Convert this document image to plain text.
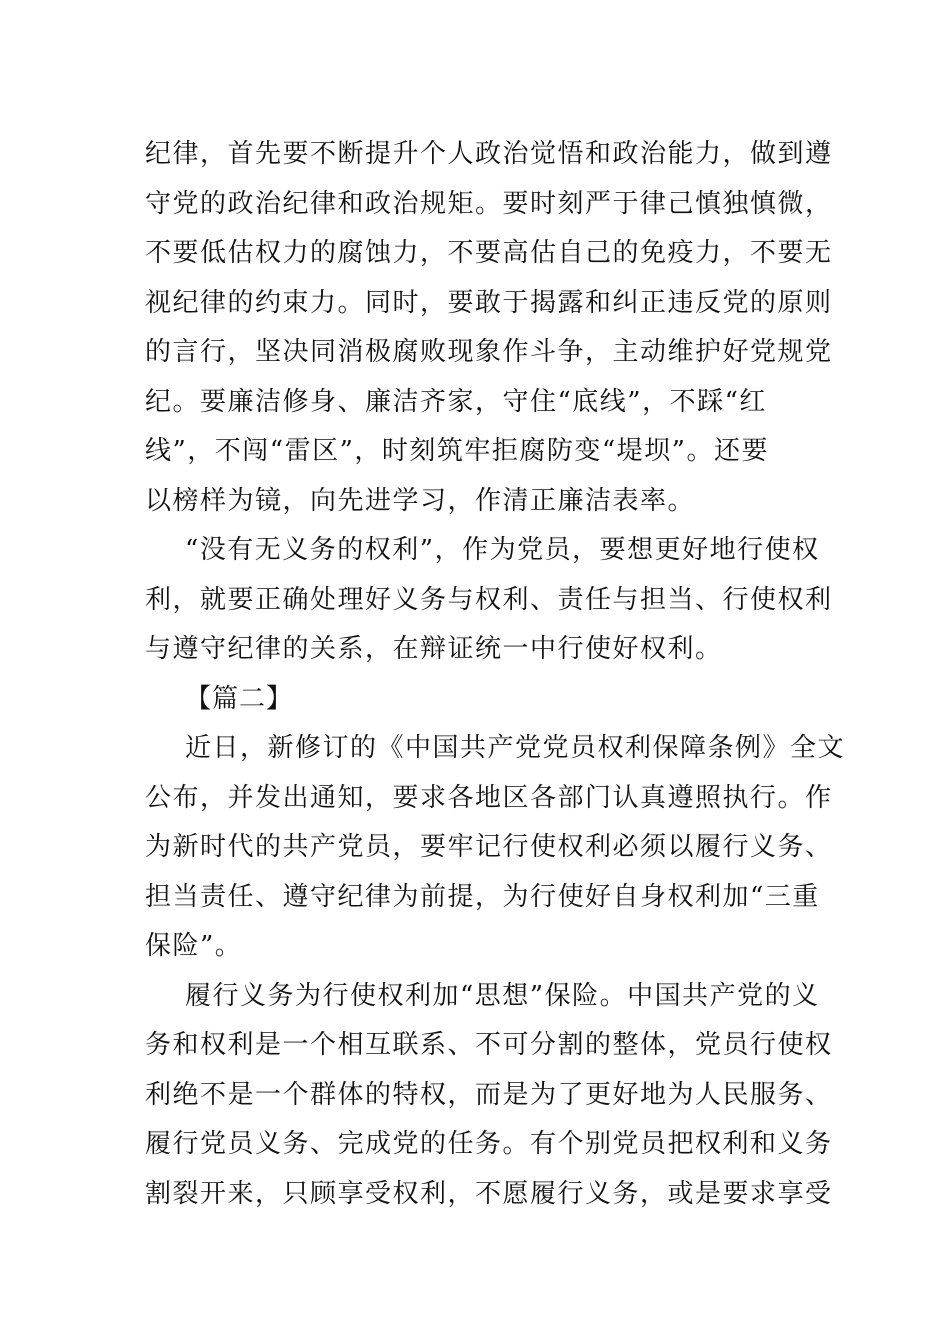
纪律，首先要不断提升个人政治觉悟和政治能力，做到遵
守党的政治纪律和政治规矩。要时刻严于律己慎独慎微，
不要低估权力的腐蚀力，不要高估自己的免疫力，不要无
视纪律的约束力。同时，要敢于揭露和纠正违反党的原则
的言行，坚决同消极腐败现象作斗争，主动维护好党规党
纪。要廉洁修身、廉洁齐家，守住“底线”，不踩“红
线”，不闯“雷区”，时刻筑牢拒腐防变“堤坝”。还要
以榜样为镜，向先进学习，作清正廉洁表率。
“没有无义务的权利”，作为党员，要想更好地行使权
利，就要正确处理好义务与权利、责任与担当、行使权利
与遵守纪律的关系，在辩证统一中行使好权利。
【篇二】
近日，新修订的《中国共产党党员权利保障条例》全文
公布，并发出通知，要求各地区各部门认真遵照执行。作
为新时代的共产党员，要牢记行使权利必须以履行义务、
担当责任、遵守纪律为前提，为行使好自身权利加“三重
保险”。
履行义务为行使权利加“思想”保险。中国共产党的义
务和权利是一个相互联系、不可分割的整体，党员行使权
利绝不是一个群体的特权，而是为了更好地为人民服务、
履行党员义务、完成党的任务。有个别党员把权利和义务
割裂开来，只顾享受权利，不愿履行义务，或是要求享受
